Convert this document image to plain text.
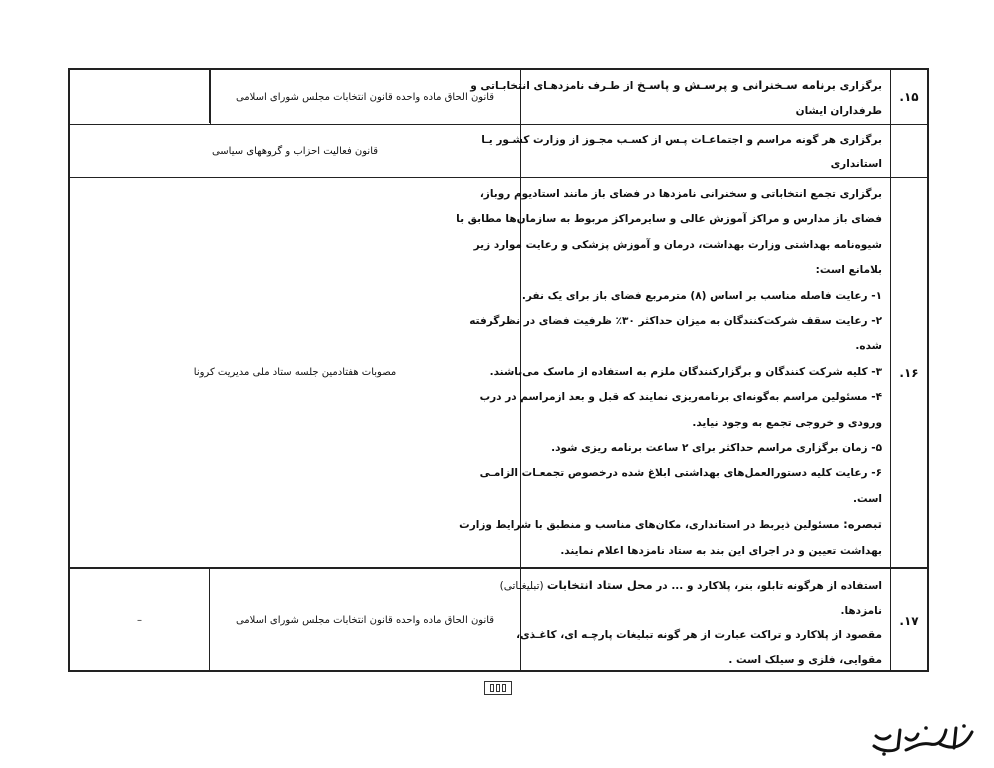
۱۵.
برگزاری برنامه سـخنرانی و پرسـش و پاسـخ از طـرف نامزدهـای انتخابـاتی و
طرفداران ایشان
قانون الحاق ماده واحده قانون انتخابات مجلس شورای اسلامی
برگزاری هر گونه مراسم و اجتماعـات پـس از کسـب مجـوز از وزارت کشـور یـا
استانداری
قانون فعالیت احزاب و گروههای سیاسی
۱۶.
برگزاری تجمع انتخاباتی و سخنرانی نامزدها در فضای باز مانند استادیوم روباز،
فضای باز مدارس و مراکز آموزش عالی و سایرمراکز مربوط به سازمان‌ها مطابق با
شیوه‌نامه بهداشتی وزارت بهداشت، درمان و آموزش پزشکی و رعایت موارد زیر
بلامانع است:
۱- رعایت فاصله مناسب بر اساس (۸) مترمربع فضای باز برای یک نفر.
۲- رعایت سقف شرکت‌کنندگان به میزان حداکثر ۳۰٪ ظرفیت فضای در نظرگرفته
شده.
۳- کلیه شرکت کنندگان و برگزارکنندگان ملزم به استفاده از ماسک می‌باشند.
۴- مسئولین مراسم به‌گونه‌ای برنامه‌ریزی نمایند که قبل و بعد ازمراسم در درب
ورودی و خروجی تجمع به وجود نیاید.
۵- زمان برگزاری مراسم حداکثر برای ۲ ساعت برنامه ریزی شود.
۶- رعایت کلیه دستورالعمل‌های بهداشتی ابلاغ شده درخصوص تجمعـات الزامـی
است.
تبصره: مسئولین ذیربط در استانداری، مکان‌های مناسب و منطبق با شرایط وزارت
بهداشت تعیین و در اجرای این بند به ستاد نامزدها اعلام نمایند.
مصوبات هفتادمین جلسه ستاد ملی مدیریت کرونا
۱۷.
استفاده از هرگونه تابلو، بنر، پلاکارد و ... در محل ستاد انتخابات (تبلیغـاتی)
نامزدها.
مقصود از پلاکارد و تراکت عبارت از هر گونه تبلیغات پارچـه ای، کاغـذی،
مقوایی، فلزی و سیلک است .
قانون الحاق ماده واحده قانون انتخابات مجلس شورای اسلامی
–
